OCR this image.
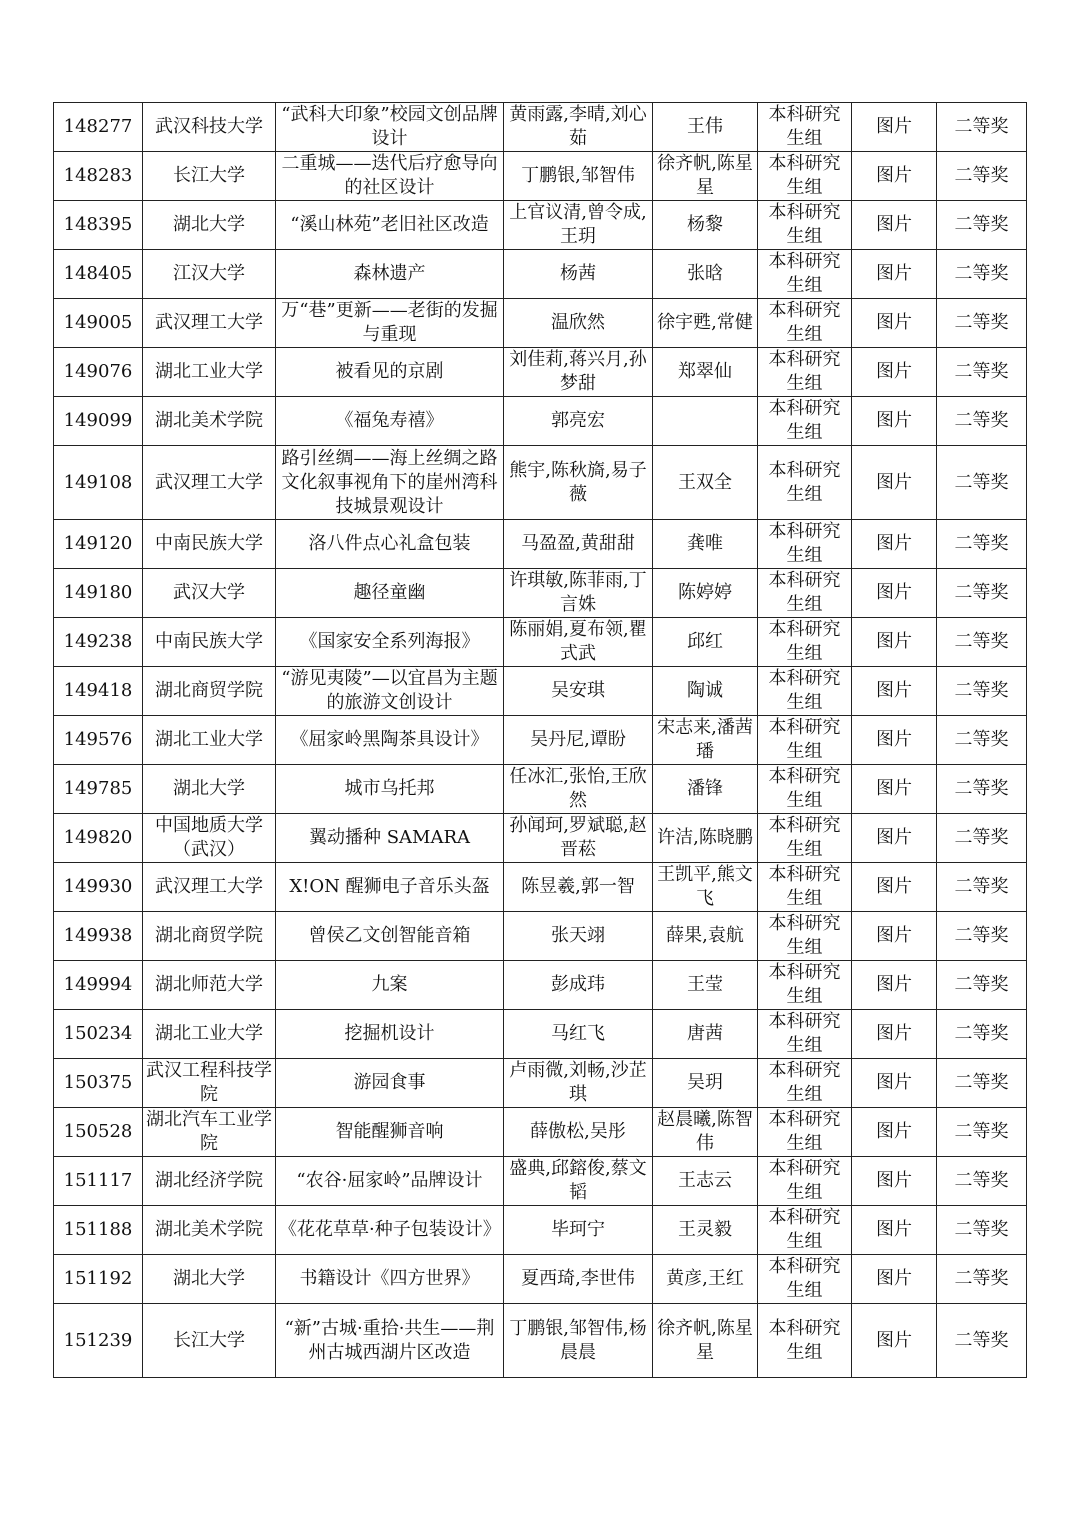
148277	武汉科技大学	“武科大印象”校园文创品牌设计	黄雨露,李晴,刘心茹	王伟	本科研究生组	图片	二等奖
148283	长江大学	二重城——迭代后疗愈导向的社区设计	丁鹏银,邹智伟	徐齐帆,陈星星	本科研究生组	图片	二等奖
148395	湖北大学	“溪山林苑”老旧社区改造	上官议清,曾令成,王玥	杨黎	本科研究生组	图片	二等奖
148405	江汉大学	森林遗产	杨茜	张晗	本科研究生组	图片	二等奖
149005	武汉理工大学	万“巷”更新——老街的发掘与重现	温欣然	徐宇甦,常健	本科研究生组	图片	二等奖
149076	湖北工业大学	被看见的京剧	刘佳莉,蒋兴月,孙梦甜	郑翠仙	本科研究生组	图片	二等奖
149099	湖北美术学院	《福兔寿禧》	郭亮宏		本科研究生组	图片	二等奖
149108	武汉理工大学	路引丝绸——海上丝绸之路文化叙事视角下的崖州湾科技城景观设计	熊宇,陈秋旖,易子薇	王双全	本科研究生组	图片	二等奖
149120	中南民族大学	洛八件点心礼盒包装	马盈盈,黄甜甜	龚唯	本科研究生组	图片	二等奖
149180	武汉大学	趣径童幽	许琪敏,陈菲雨,丁言姝	陈婷婷	本科研究生组	图片	二等奖
149238	中南民族大学	《国家安全系列海报》	陈丽娟,夏布领,瞿式武	邱红	本科研究生组	图片	二等奖
149418	湖北商贸学院	“游见夷陵”—以宜昌为主题的旅游文创设计	吴安琪	陶诚	本科研究生组	图片	二等奖
149576	湖北工业大学	《屈家岭黑陶茶具设计》	吴丹尼,谭盼	宋志来,潘茜璠	本科研究生组	图片	二等奖
149785	湖北大学	城市乌托邦	任冰汇,张怡,王欣然	潘锋	本科研究生组	图片	二等奖
149820	中国地质大学（武汉）	翼动播种 SAMARA	孙闻珂,罗斌聪,赵晋菘	许洁,陈晓鹏	本科研究生组	图片	二等奖
149930	武汉理工大学	X!ON 醒狮电子音乐头盔	陈昱羲,郭一智	王凯平,熊文飞	本科研究生组	图片	二等奖
149938	湖北商贸学院	曾侯乙文创智能音箱	张天翊	薛果,袁航	本科研究生组	图片	二等奖
149994	湖北师范大学	九案	彭成玮	王莹	本科研究生组	图片	二等奖
150234	湖北工业大学	挖掘机设计	马红飞	唐茜	本科研究生组	图片	二等奖
150375	武汉工程科技学院	游园食事	卢雨微,刘畅,沙芷琪	吴玥	本科研究生组	图片	二等奖
150528	湖北汽车工业学院	智能醒狮音响	薛傲松,吴彤	赵晨曦,陈智伟	本科研究生组	图片	二等奖
151117	湖北经济学院	“农谷·屈家岭”品牌设计	盛典,邱鎔俊,蔡文韬	王志云	本科研究生组	图片	二等奖
151188	湖北美术学院	《花花草草·种子包装设计》	毕珂宁	王灵毅	本科研究生组	图片	二等奖
151192	湖北大学	书籍设计《四方世界》	夏西琦,李世伟	黄彦,王红	本科研究生组	图片	二等奖
151239	长江大学	“新”古城·重拾·共生——荆州古城西湖片区改造	丁鹏银,邹智伟,杨晨晨	徐齐帆,陈星星	本科研究生组	图片	二等奖
